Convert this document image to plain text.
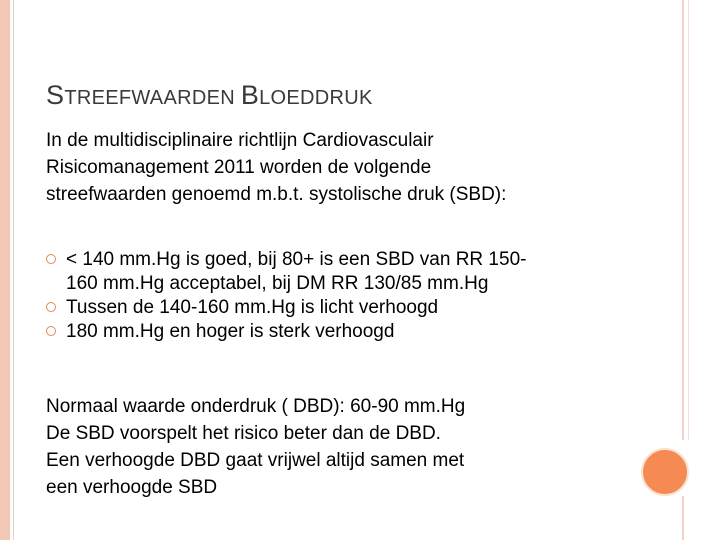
STREEFWAARDEN BLOEDDRUK
In de multidisciplinaire richtlijn Cardiovasculair
Risicomanagement 2011 worden de volgende
streefwaarden genoemd m.b.t. systolische druk (SBD):
< 140 mm.Hg is goed, bij 80+ is een SBD van RR 150-
160 mm.Hg acceptabel, bij DM RR 130/85 mm.Hg
Tussen de 140-160 mm.Hg is licht verhoogd
180 mm.Hg en hoger is sterk verhoogd
Normaal waarde onderdruk ( DBD): 60-90 mm.Hg
De SBD voorspelt het risico beter dan de DBD.
Een verhoogde DBD gaat vrijwel altijd samen met
een verhoogde SBD
